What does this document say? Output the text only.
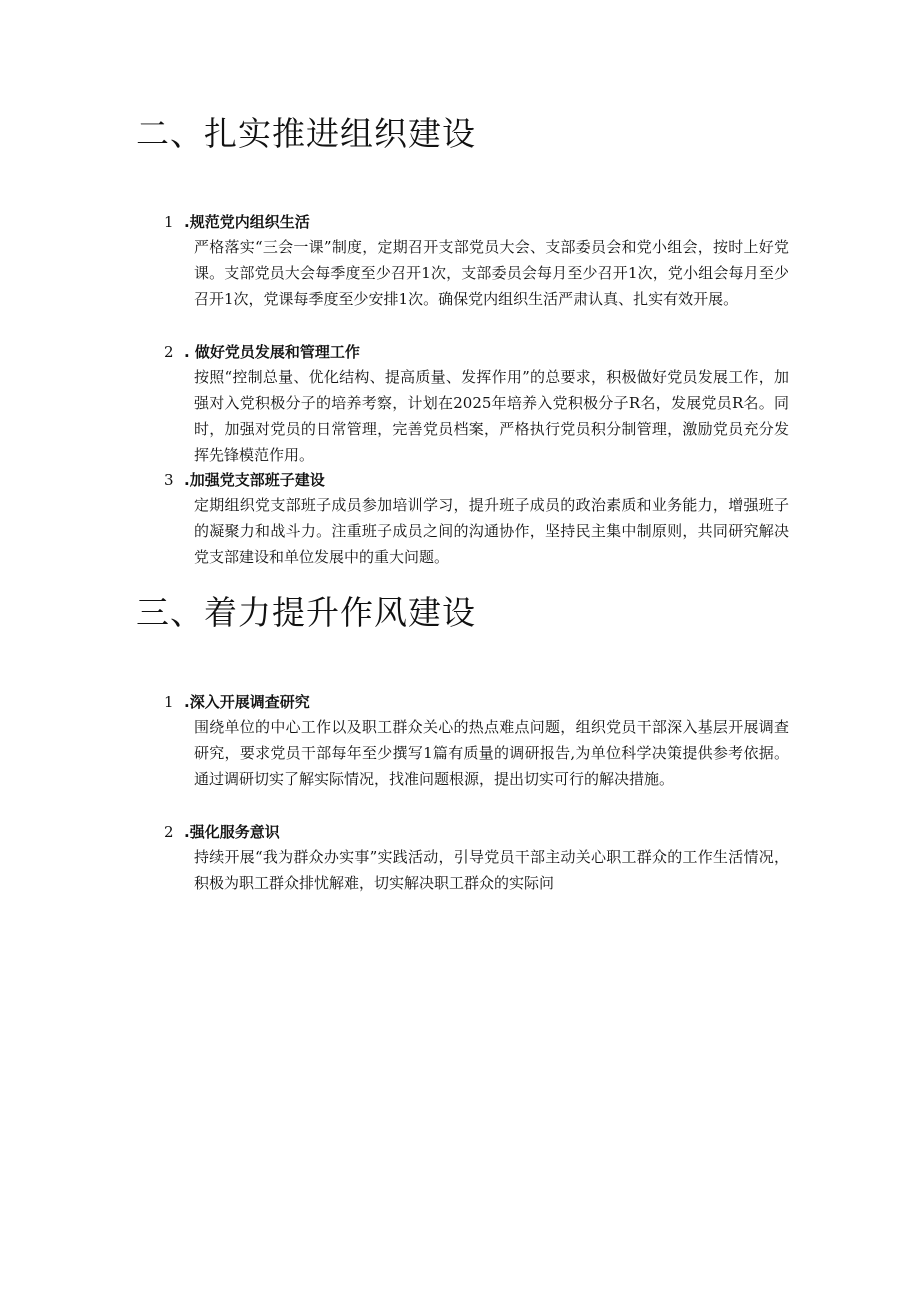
二、扎实推进组织建设
1 .规范党内组织生活

严格落实“三会一课”制度，定期召开支部党员大会、支部委员会和党小组会，按时上好党课。支部党员大会每季度至少召开1次，支部委员会每月至少召开1次，党小组会每月至少召开1次，党课每季度至少安排1次。确保党内组织生活严肃认真、扎实有效开展。

2 . 做好党员发展和管理工作

按照“控制总量、优化结构、提高质量、发挥作用”的总要求，积极做好党员发展工作，加强对入党积极分子的培养考察，计划在2025年培养入党积极分子R名，发展党员R名。同时，加强对党员的日常管理，完善党员档案，严格执行党员积分制管理，激励党员充分发挥先锋模范作用。

3 .加强党支部班子建设

定期组织党支部班子成员参加培训学习，提升班子成员的政治素质和业务能力，增强班子的凝聚力和战斗力。注重班子成员之间的沟通协作，坚持民主集中制原则，共同研究解决党支部建设和单位发展中的重大问题。

三、着力提升作风建设
1 .深入开展调查研究

围绕单位的中心工作以及职工群众关心的热点难点问题，组织党员干部深入基层开展调查研究，要求党员干部每年至少撰写1篇有质量的调研报告,为单位科学决策提供参考依据。通过调研切实了解实际情况，找准问题根源，提出切实可行的解决措施。

2 .强化服务意识

持续开展“我为群众办实事”实践活动，引导党员干部主动关心职工群众的工作生活情况，积极为职工群众排忧解难，切实解决职工群众的实际问
